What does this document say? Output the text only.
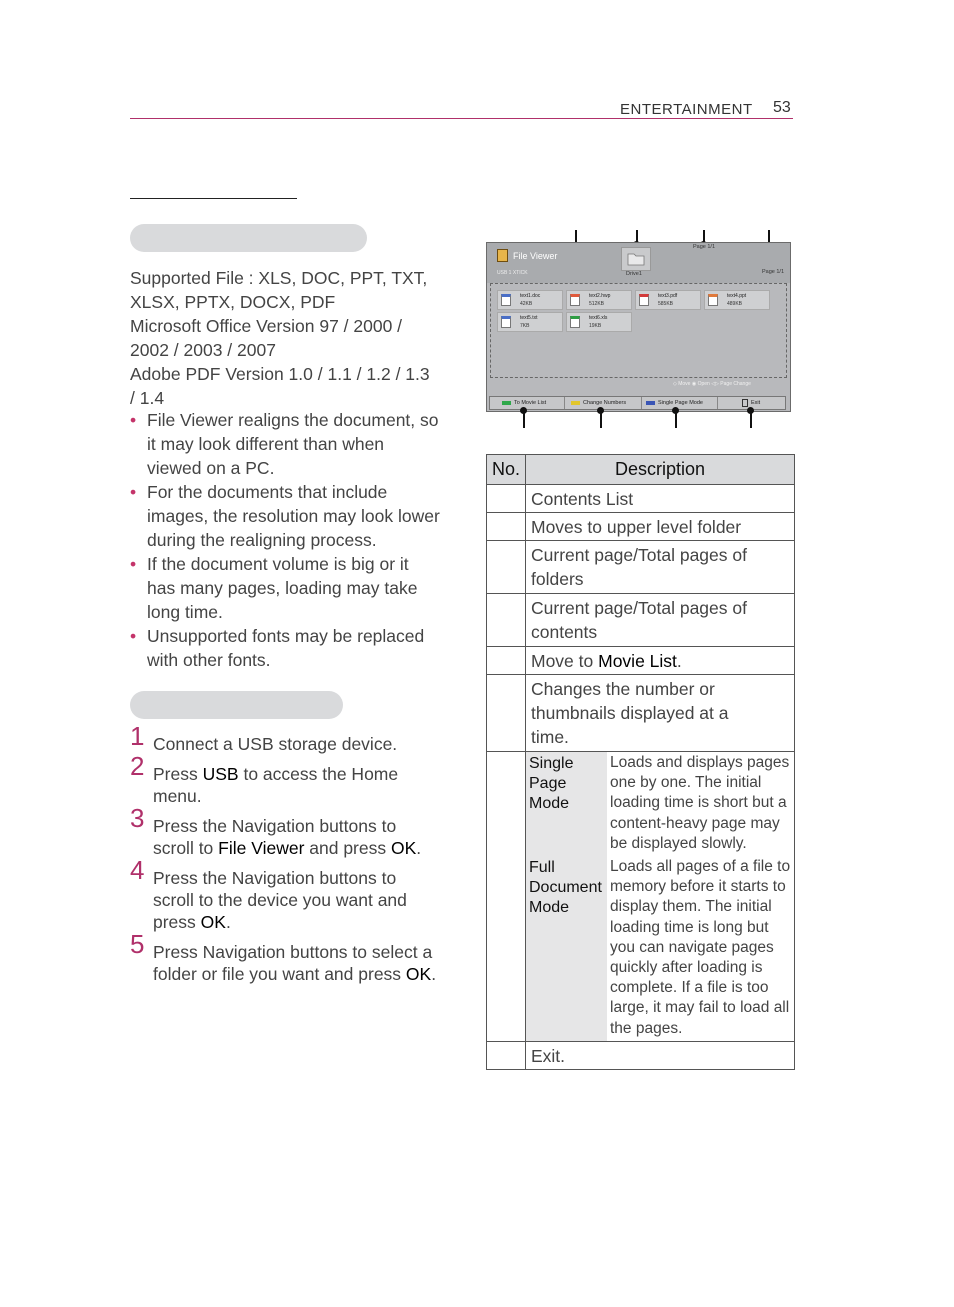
ENTERTAINMENT 53
Supported File : XLS, DOC, PPT, TXT,
XLSX, PPTX, DOCX, PDF
Microsoft Office Version 97 / 2000 /
2002 / 2003 / 2007
Adobe PDF Version 1.0 / 1.1 / 1.2 / 1.3
/ 1.4
• File Viewer realigns the document, so it may look different than when viewed on a PC.
• For the documents that include images, the resolution may look lower during the realigning process.
• If the document volume is big or it has many pages, loading may take long time.
• Unsupported fonts may be replaced with other fonts.
1 Connect a USB storage device.
2 Press USB to access the Home menu.
3 Press the Navigation buttons to scroll to File Viewer and press OK.
4 Press the Navigation buttons to scroll to the device you want and press OK.
5 Press Navigation buttons to select a folder or file you want and press OK.
File Viewer
USB 1 XTICK	Drive1
Page 1/1
Page 1/1
text1.doc
42KB
text2.hwp
512KB
text3.pdf
585KB
text4.ppt
489KB
text5.txt
7KB
text6.xls
19KB
◇ Move ◉ Open ◁▷ Page Change
To Movie List	Change Numbers	Single Page Mode	Exit
No.	Description
	Contents List
	Moves to upper level folder
	Current page/Total pages of folders
	Current page/Total pages of contents
	Move to Movie List.
	Changes the number or thumbnails displayed at a time.

Single Page Mode	Loads and displays pages one by one. The initial loading time is short but a content-heavy page may be displayed slowly.
Full Document Mode	Loads all pages of a file to memory before it starts to display them. The initial loading time is long but you can navigate pages quickly after loading is complete. If a file is too large, it may fail to load all the pages.

	Exit.
